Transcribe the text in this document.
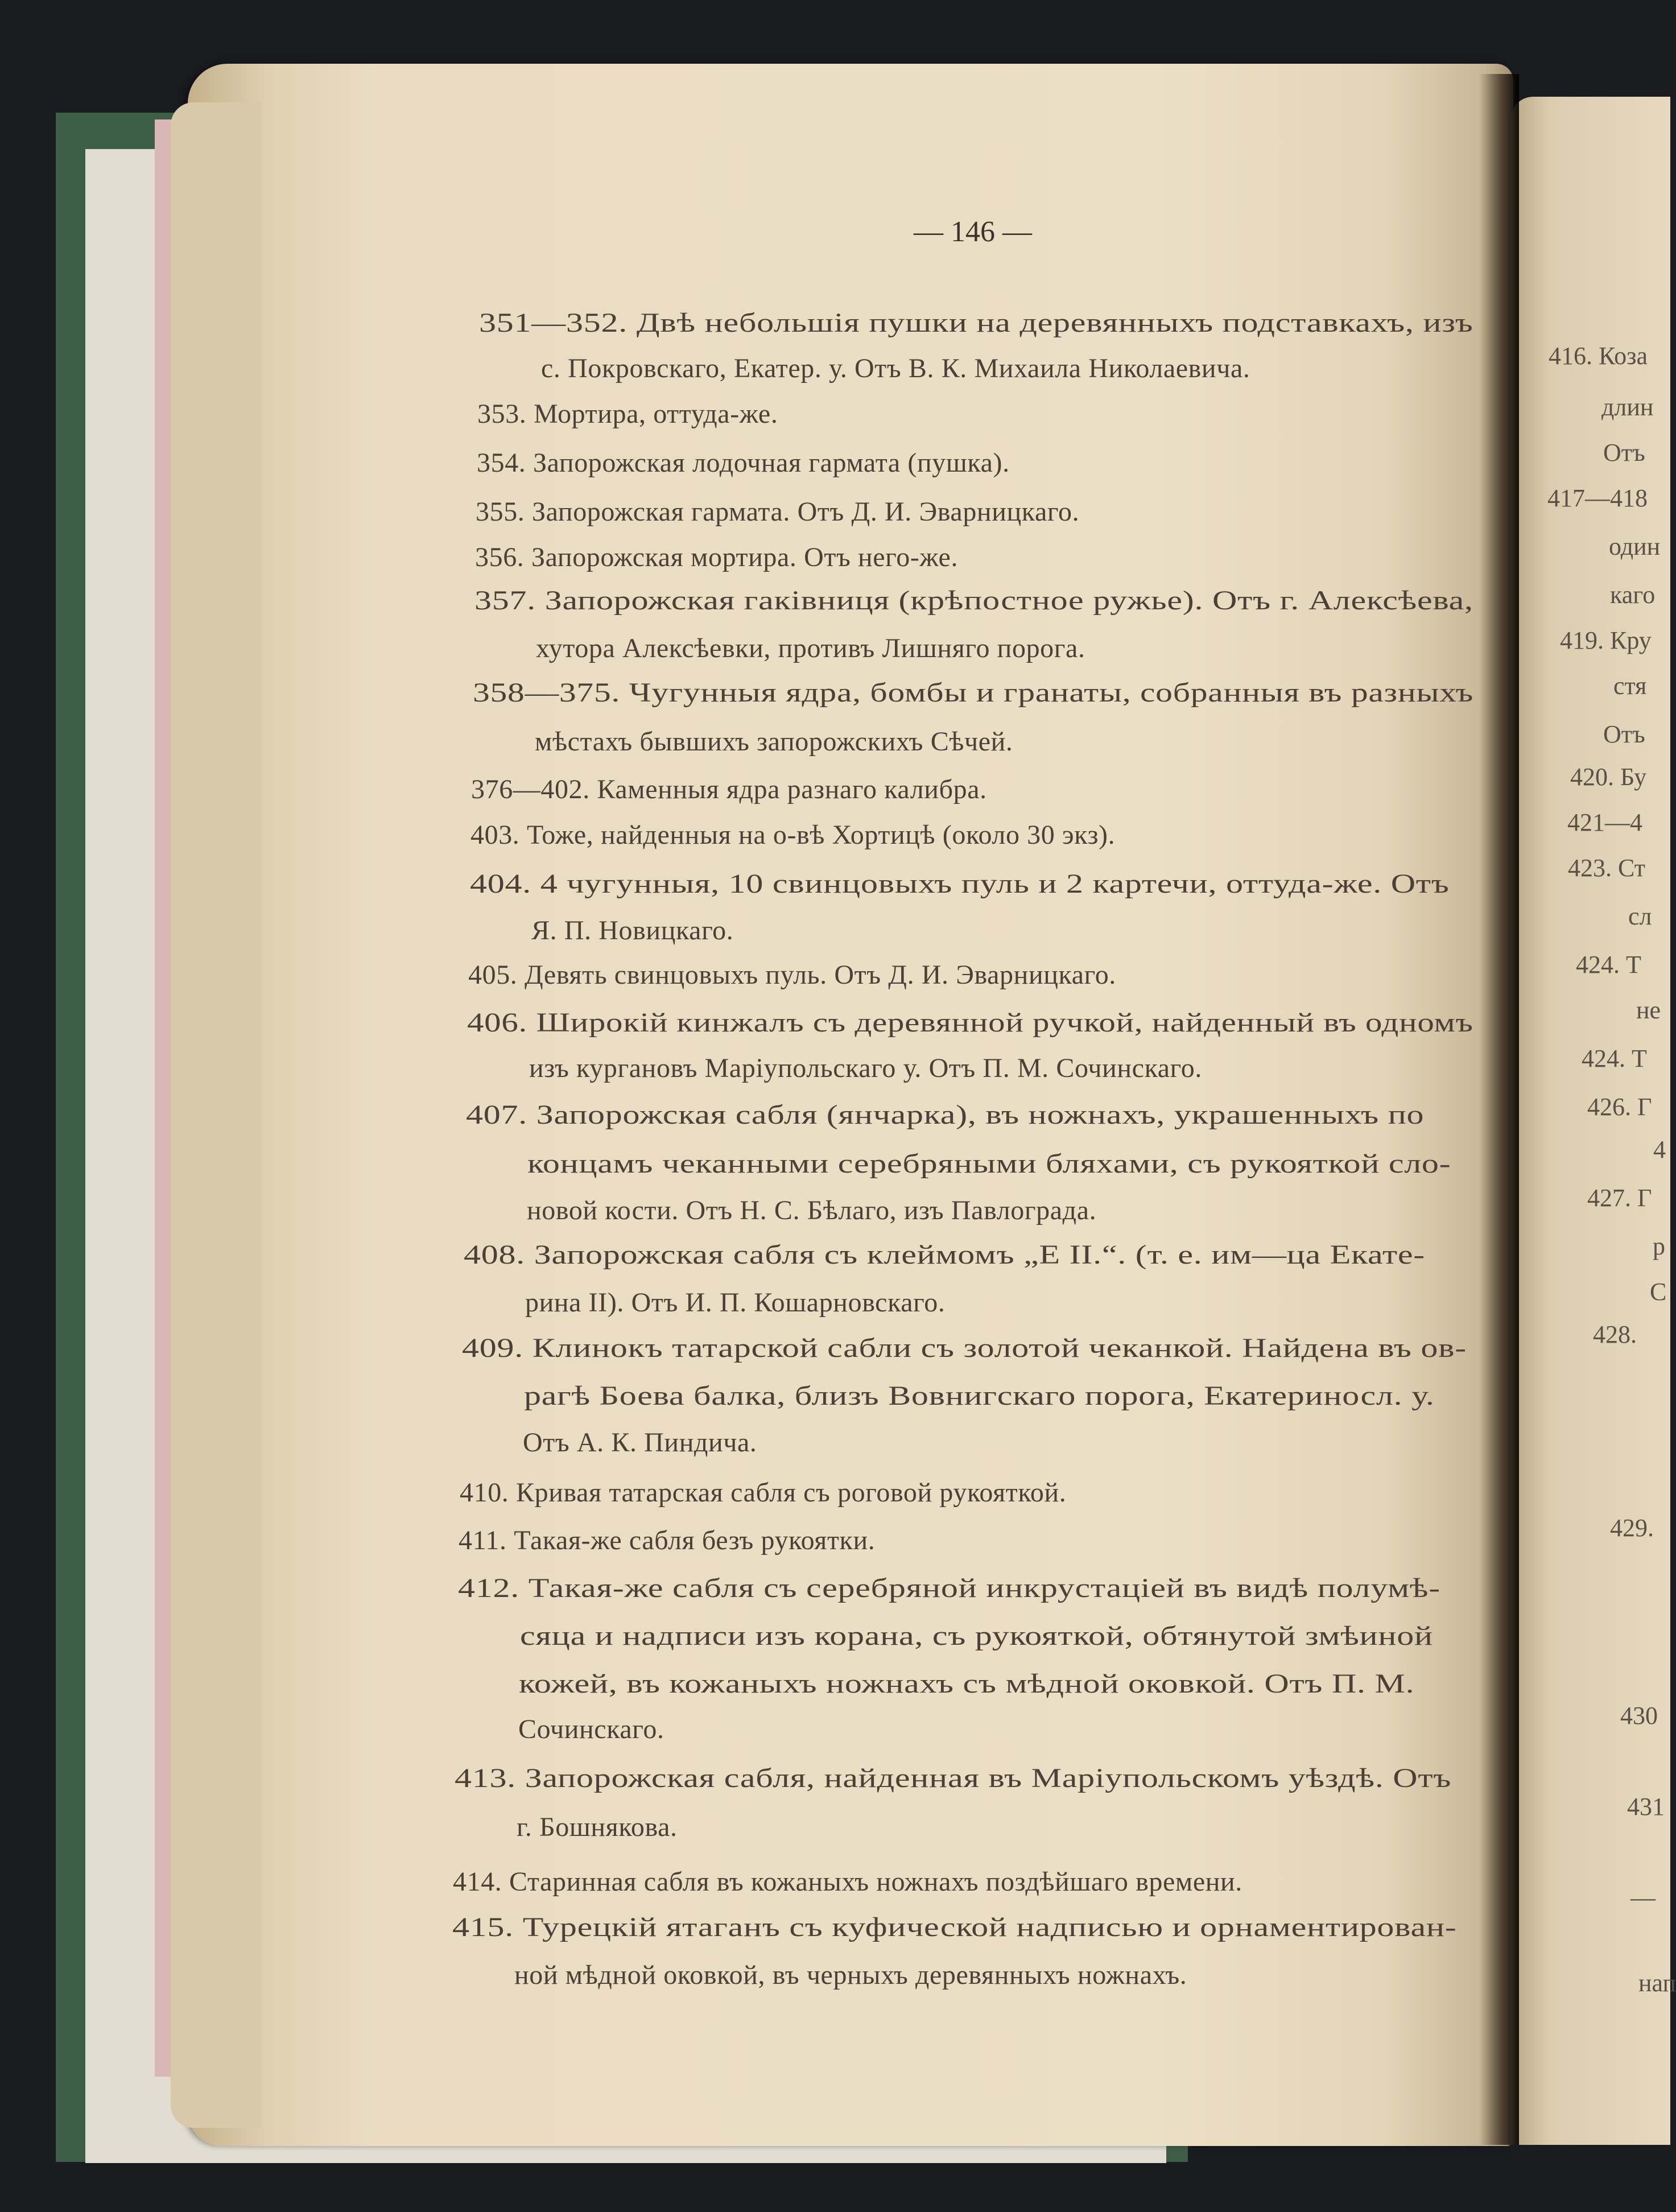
— 146 —
351—352. Двѣ небольшія пушки на деревянныхъ подставкахъ, изъ
с. Покровскаго, Екатер. у. Отъ В. К. Михаила Николаевича.
353. Мортира, оттуда-же.
354. Запорожская лодочная гармата (пушка).
355. Запорожская гармата. Отъ Д. И. Эварницкаго.
356. Запорожская мортира. Отъ него-же.
357. Запорожская гаківниця (крѣпостное ружье). Отъ г. Алексѣева,
хутора Алексѣевки, противъ Лишняго порога.
358—375. Чугунныя ядра, бомбы и гранаты, собранныя въ разныхъ
мѣстахъ бывшихъ запорожскихъ Сѣчей.
376—402. Каменныя ядра разнаго калибра.
403. Тоже, найденныя на о-вѣ Хортицѣ (около 30 экз).
404. 4 чугунныя, 10 свинцовыхъ пуль и 2 картечи, оттуда-же. Отъ
Я. П. Новицкаго.
405. Девять свинцовыхъ пуль. Отъ Д. И. Эварницкаго.
406. Широкій кинжалъ съ деревянной ручкой, найденный въ одномъ
изъ кургановъ Маріупольскаго у. Отъ П. М. Сочинскаго.
407. Запорожская сабля (янчарка), въ ножнахъ, украшенныхъ по
концамъ чеканными серебряными бляхами, съ рукояткой сло-
новой кости. Отъ Н. С. Бѣлаго, изъ Павлограда.
408. Запорожская сабля съ клеймомъ „Е II.“. (т. е. им—ца Екате-
рина II). Отъ И. П. Кошарновскаго.
409. Клинокъ татарской сабли съ золотой чеканкой. Найдена въ ов-
рагѣ Боева балка, близъ Вовнигскаго порога, Екатериносл. у.
Отъ А. К. Пиндича.
410. Кривая татарская сабля съ роговой рукояткой.
411. Такая-же сабля безъ рукоятки.
412. Такая-же сабля съ серебряной инкрустаціей въ видѣ полумѣ-
сяца и надписи изъ корана, съ рукояткой, обтянутой змѣиной
кожей, въ кожаныхъ ножнахъ съ мѣдной оковкой. Отъ П. М.
Сочинскаго.
413. Запорожская сабля, найденная въ Маріупольскомъ уѣздѣ. Отъ
г. Бошнякова.
414. Старинная сабля въ кожаныхъ ножнахъ поздѣйшаго времени.
415. Турецкій ятаганъ съ куфической надписью и орнаментирован-
ной мѣдной оковкой, въ черныхъ деревянныхъ ножнахъ.
416. Коза
длин
Отъ
417—418
один
каго
419. Кру
стя
Отъ
420. Бу
421—4
423. Ст
сл
424. Т
не
424. Т
426. Г
4
427. Г
р
С
428.
429.
430
431
—
нап
